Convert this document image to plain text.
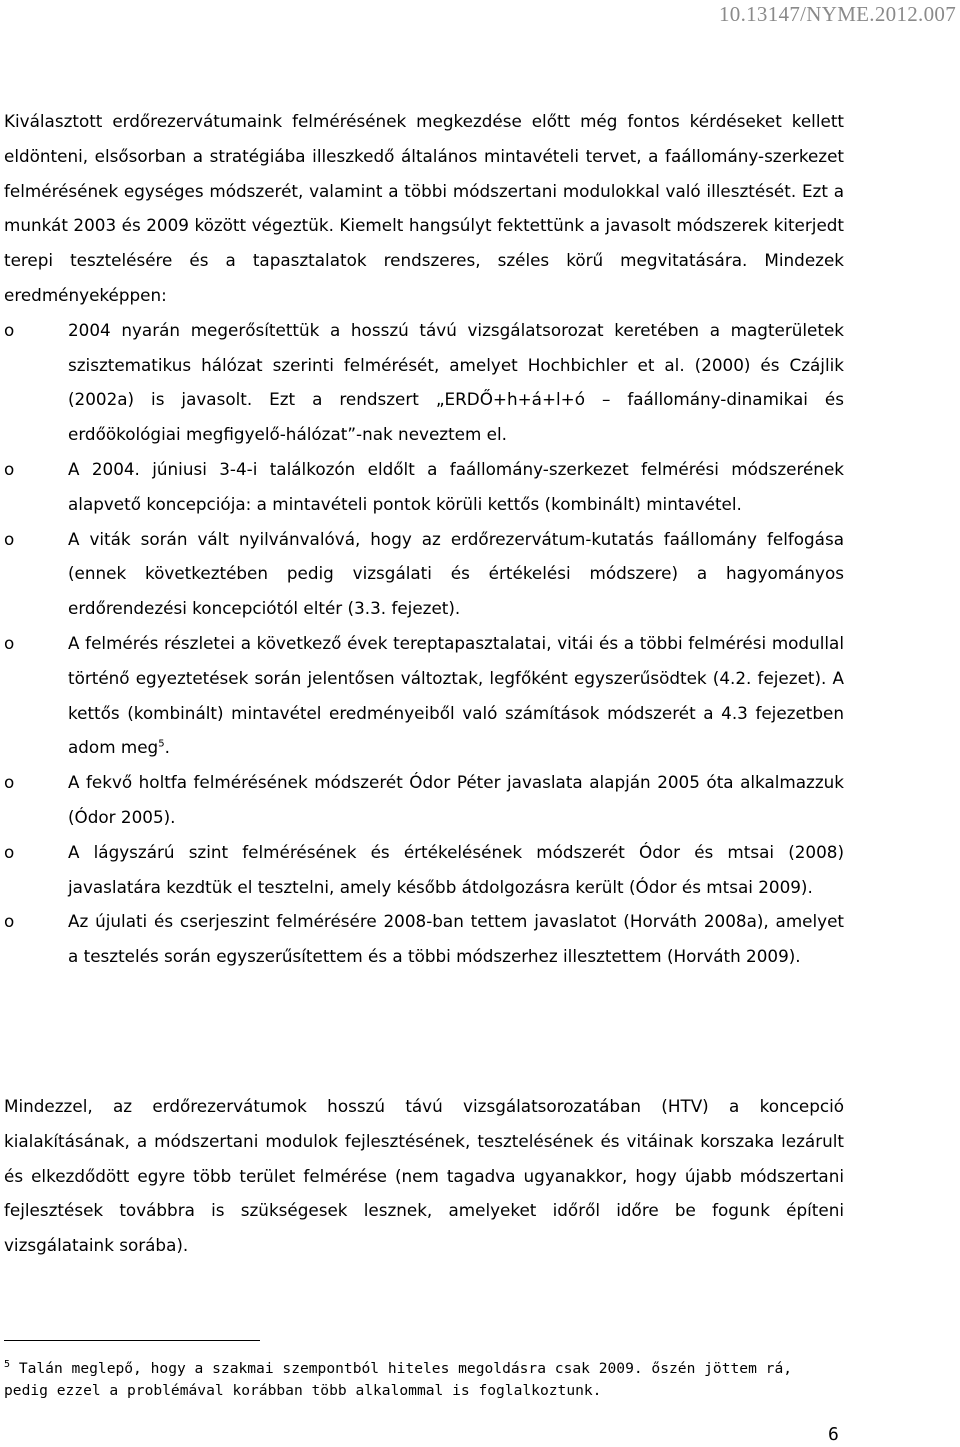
10.13147/NYME.2012.007

Kiválasztott erdőrezervátumaink felmérésének megkezdése előtt még fontos kérdéseket kellett eldönteni, elsősorban a stratégiába illeszkedő általános mintavételi tervet, a faállomány-szerkezet felmérésének egységes módszerét, valamint a többi módszertani modulokkal való illesztését. Ezt a munkát 2003 és 2009 között végeztük. Kiemelt hangsúlyt fektettünk a javasolt módszerek kiterjedt terepi tesztelésére és a tapasztalatok rendszeres, széles körű megvitatására. Mindezek eredményeképpen:

o	2004 nyarán megerősítettük a hosszú távú vizsgálatsorozat keretében a magterületek szisztematikus hálózat szerinti felmérését, amelyet Hochbichler et al. (2000) és Czájlik (2002a) is javasolt. Ezt a rendszert „ERDŐ+h+á+l+ó – faállomány-dinamikai és erdőökológiai megfigyelő-hálózat”-nak neveztem el.
o	A 2004. júniusi 3-4-i találkozón eldőlt a faállomány-szerkezet felmérési módszerének alapvető koncepciója: a mintavételi pontok körüli kettős (kombinált) mintavétel.
o	A viták során vált nyilvánvalóvá, hogy az erdőrezervátum-kutatás faállomány felfogása (ennek következtében pedig vizsgálati és értékelési módszere) a hagyományos erdőrendezési koncepciótól eltér (3.3. fejezet).
o	A felmérés részletei a következő évek tereptapasztalatai, vitái és a többi felmérési modullal történő egyeztetések során jelentősen változtak, legfőként egyszerűsödtek (4.2. fejezet). A kettős (kombinált) mintavétel eredményeiből való számítások módszerét a 4.3 fejezetben adom meg$^5$.
o	A fekvő holtfa felmérésének módszerét Ódor Péter javaslata alapján 2005 óta alkalmazzuk (Ódor 2005).
o	A lágyszárú szint felmérésének és értékelésének módszerét Ódor és mtsai (2008) javaslatára kezdtük el tesztelni, amely később átdolgozásra került (Ódor és mtsai 2009).
o	Az újulati és cserjeszint felmérésére 2008-ban tettem javaslatot (Horváth 2008a), amelyet a tesztelés során egyszerűsítettem és a többi módszerhez illesztettem (Horváth 2009).

Mindezzel, az erdőrezervátumok hosszú távú vizsgálatsorozatában (HTV) a koncepció kialakításának, a módszertani modulok fejlesztésének, tesztelésének és vitáinak korszaka lezárult és elkezdődött egyre több terület felmérése (nem tagadva ugyanakkor, hogy újabb módszertani fejlesztések továbbra is szükségesek lesznek, amelyeket időről időre be fogunk építeni vizsgálataink sorába).

$^5$ Talán meglepő, hogy a szakmai szempontból hiteles megoldásra csak 2009. őszén jöttem rá, pedig ezzel a problémával korábban több alkalommal is foglalkoztunk.
6
